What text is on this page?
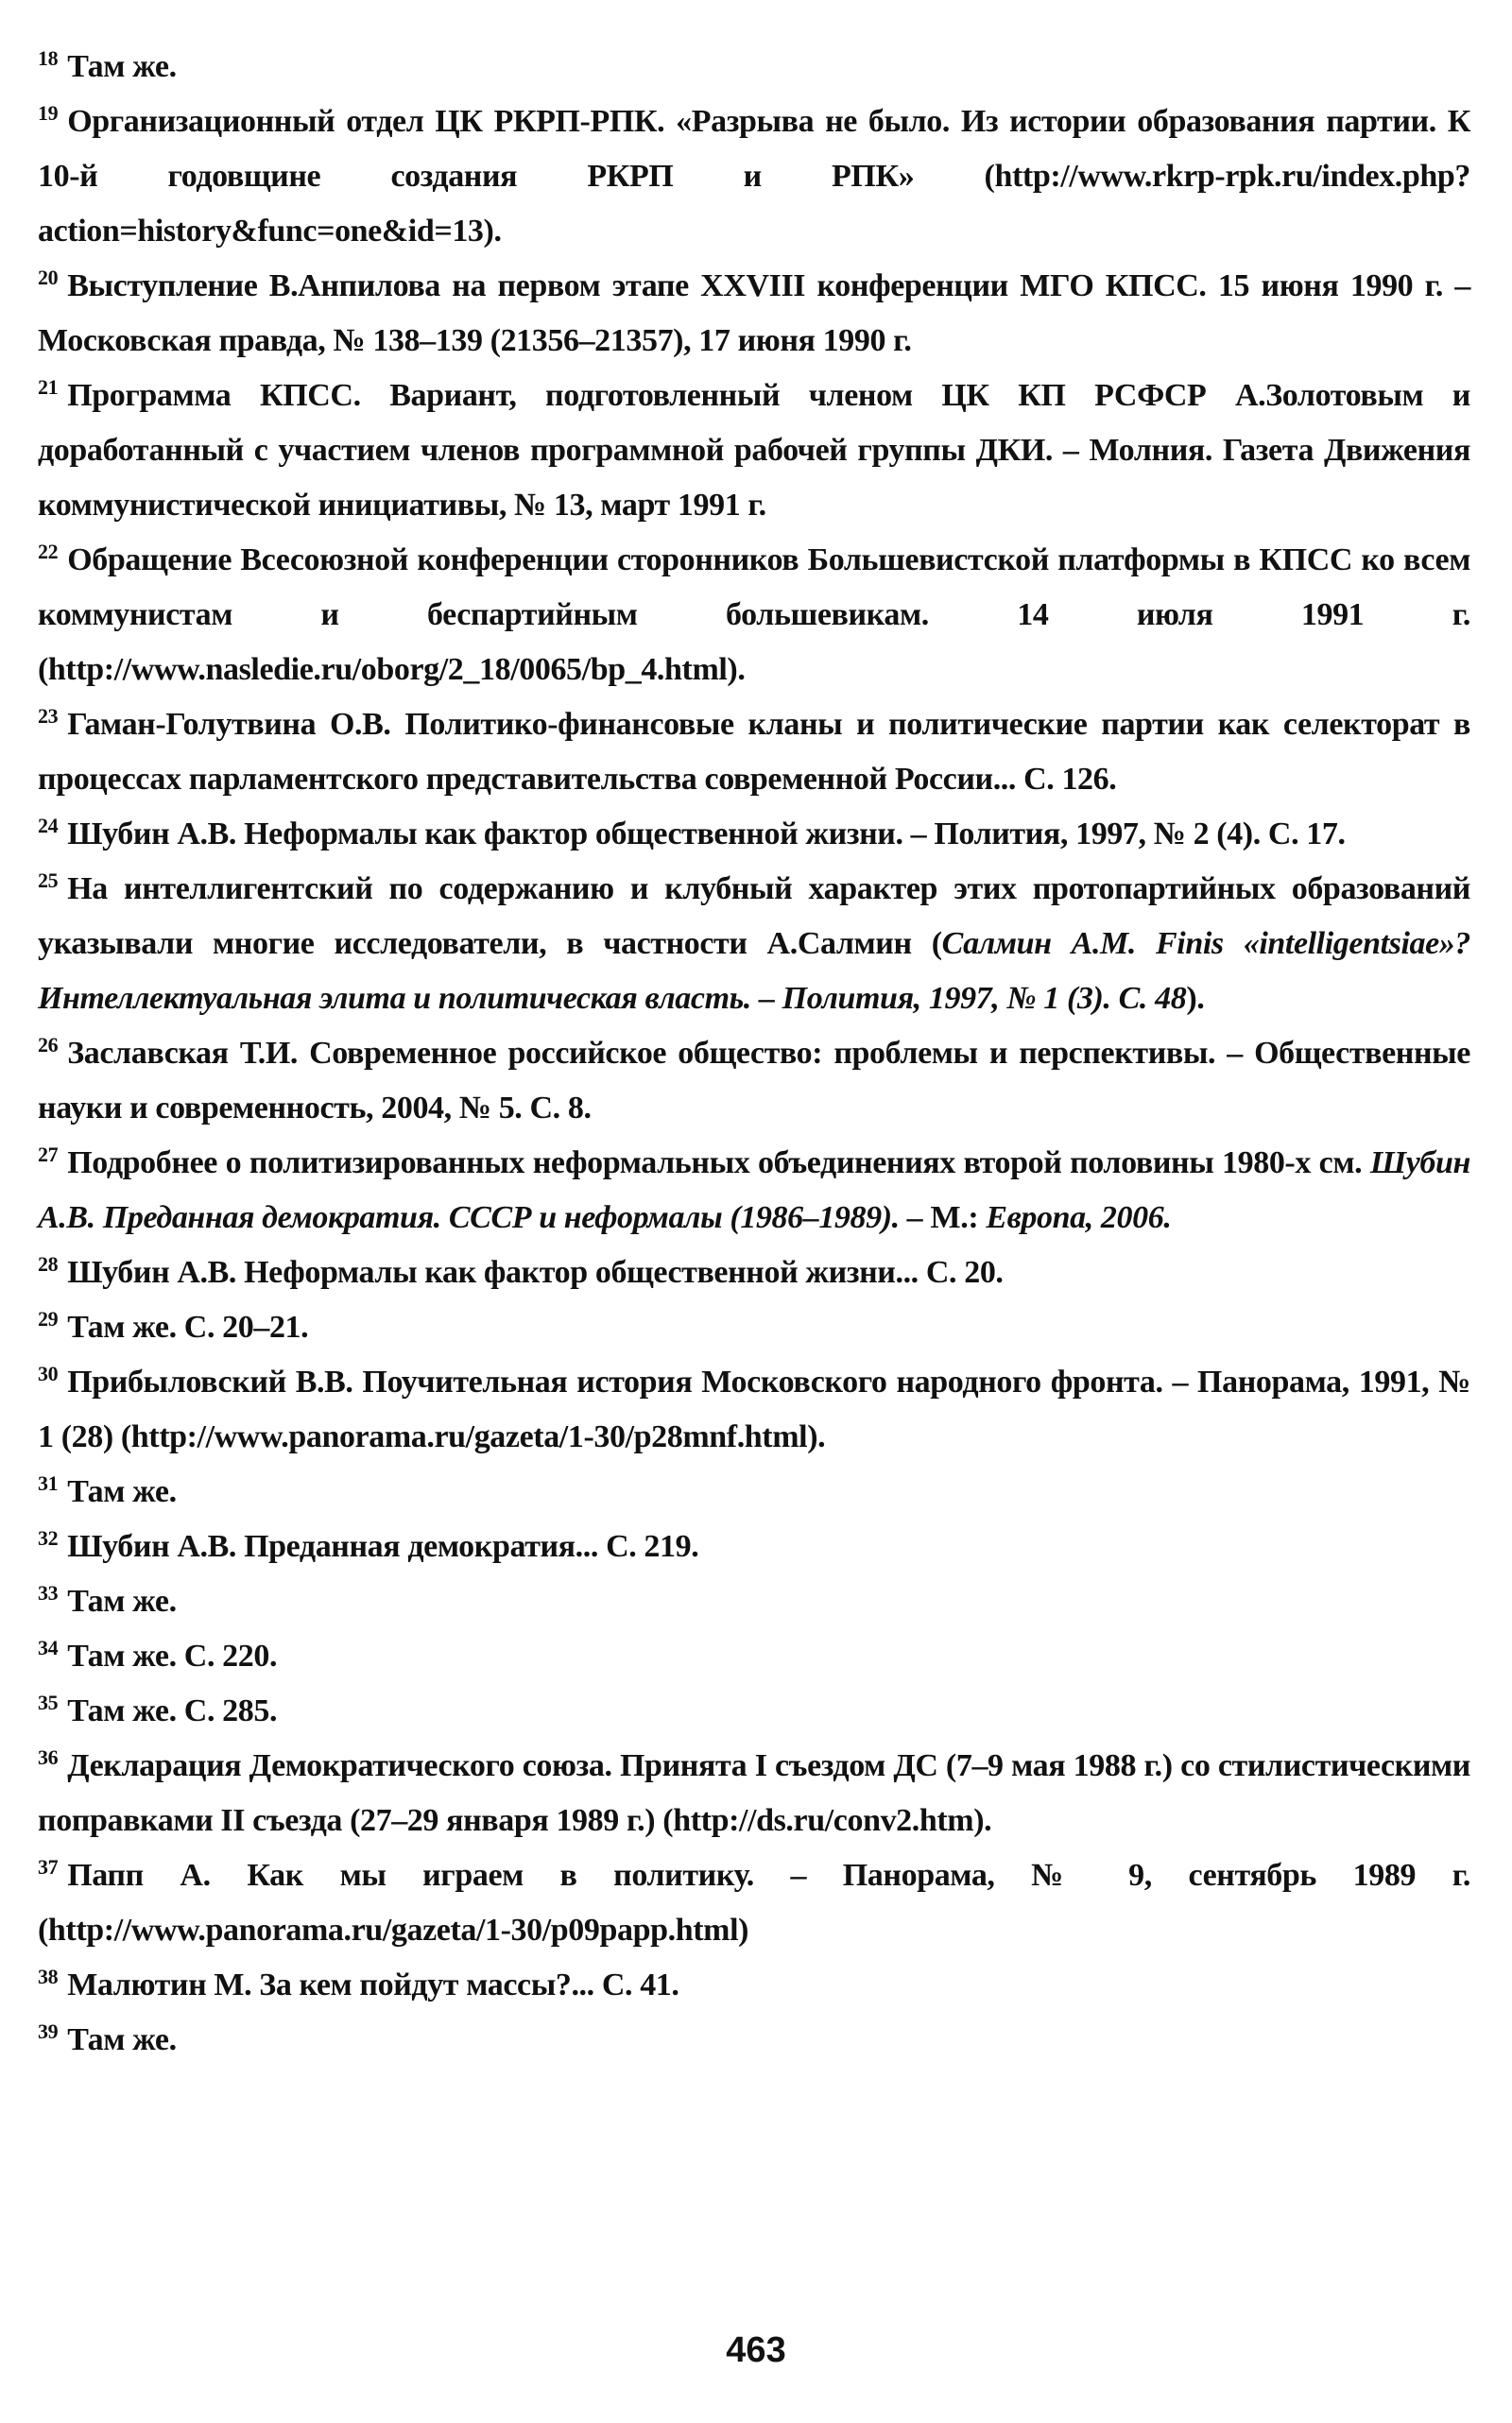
$^{18}$ Там же.

$^{19}$ Организационный отдел ЦК РКРП-РПК. «Разрыва не было. Из истории образования партии. К 10-й годовщине создания РКРП и РПК» (http://www.rkrp-rpk.ru/index.php?action=history&func=one&id=13).

$^{20}$ Выступление В.Анпилова на первом этапе XXVIII конференции МГО КПСС. 15 июня 1990 г. – Московская правда, № 138–139 (21356–21357), 17 июня 1990 г.

$^{21}$ Программа КПСС. Вариант, подготовленный членом ЦК КП РСФСР А.Золотовым и доработанный с участием членов программной рабочей группы ДКИ. – Молния. Газета Движения коммунистической инициативы, № 13, март 1991 г.

$^{22}$ Обращение Всесоюзной конференции сторонников Большевистской платформы в КПСС ко всем коммунистам и беспартийным большевикам. 14 июля 1991 г. (http://www.nasledie.ru/oborg/2_18/0065/bp_4.html).

$^{23}$ Гаман-Голутвина О.В. Политико-финансовые кланы и политические партии как селекторат в процессах парламентского представительства современной России... С. 126.

$^{24}$ Шубин А.В. Неформалы как фактор общественной жизни. – Полития, 1997, № 2 (4). С. 17.

$^{25}$ На интеллигентский по содержанию и клубный характер этих протопартийных образований указывали многие исследователи, в частности А.Салмин (Салмин А.М. Finis «intelligentsiae»? Интеллектуальная элита и политическая власть. – Полития, 1997, № 1 (3). С. 48).

$^{26}$ Заславская Т.И. Современное российское общество: проблемы и перспективы. – Общественные науки и современность, 2004, № 5. С. 8.

$^{27}$ Подробнее о политизированных неформальных объединениях второй половины 1980-х см. Шубин А.В. Преданная демократия. СССР и неформалы (1986–1989). – М.: Европа, 2006.

$^{28}$ Шубин А.В. Неформалы как фактор общественной жизни... С. 20.

$^{29}$ Там же. С. 20–21.

$^{30}$ Прибыловский В.В. Поучительная история Московского народного фронта. – Панорама, 1991, № 1 (28) (http://www.panorama.ru/gazeta/1-30/p28mnf.html).

$^{31}$ Там же.

$^{32}$ Шубин А.В. Преданная демократия... С. 219.

$^{33}$ Там же.

$^{34}$ Там же. С. 220.

$^{35}$ Там же. С. 285.

$^{36}$ Декларация Демократического союза. Принята I съездом ДС (7–9 мая 1988 г.) со стилистическими поправками II съезда (27–29 января 1989 г.) (http://ds.ru/conv2.htm).

$^{37}$ Папп А. Как мы играем в политику. – Панорама, № 9, сентябрь 1989 г. (http://www.panorama.ru/gazeta/1-30/p09papp.html)

$^{38}$ Малютин М. За кем пойдут массы?... С. 41.

$^{39}$ Там же.

463
